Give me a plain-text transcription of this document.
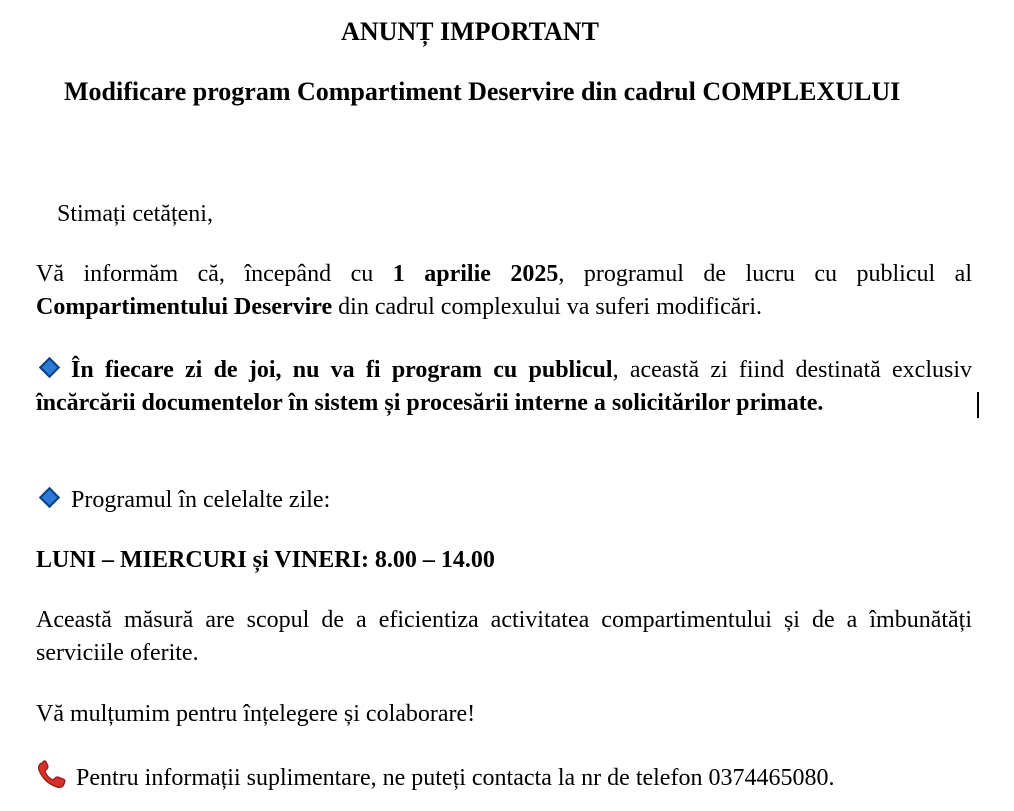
ANUNȚ IMPORTANT
Modificare program Compartiment Deservire din cadrul COMPLEXULUI
Stimați cetățeni,
Vă informăm că, începând cu 1 aprilie 2025, programul de lucru cu publicul al Compartimentului Deservire din cadrul complexului va suferi modificări.
În fiecare zi de joi, nu va fi program cu publicul, această zi fiind destinată exclusiv încărcării documentelor în sistem și procesării interne a solicitărilor primate.
Programul în celelalte zile:
LUNI – MIERCURI și VINERI: 8.00 – 14.00
Această măsură are scopul de a eficientiza activitatea compartimentului și de a îmbunătăți serviciile oferite.
Vă mulțumim pentru înțelegere și colaborare!
Pentru informații suplimentare, ne puteți contacta la nr de telefon 0374465080.
